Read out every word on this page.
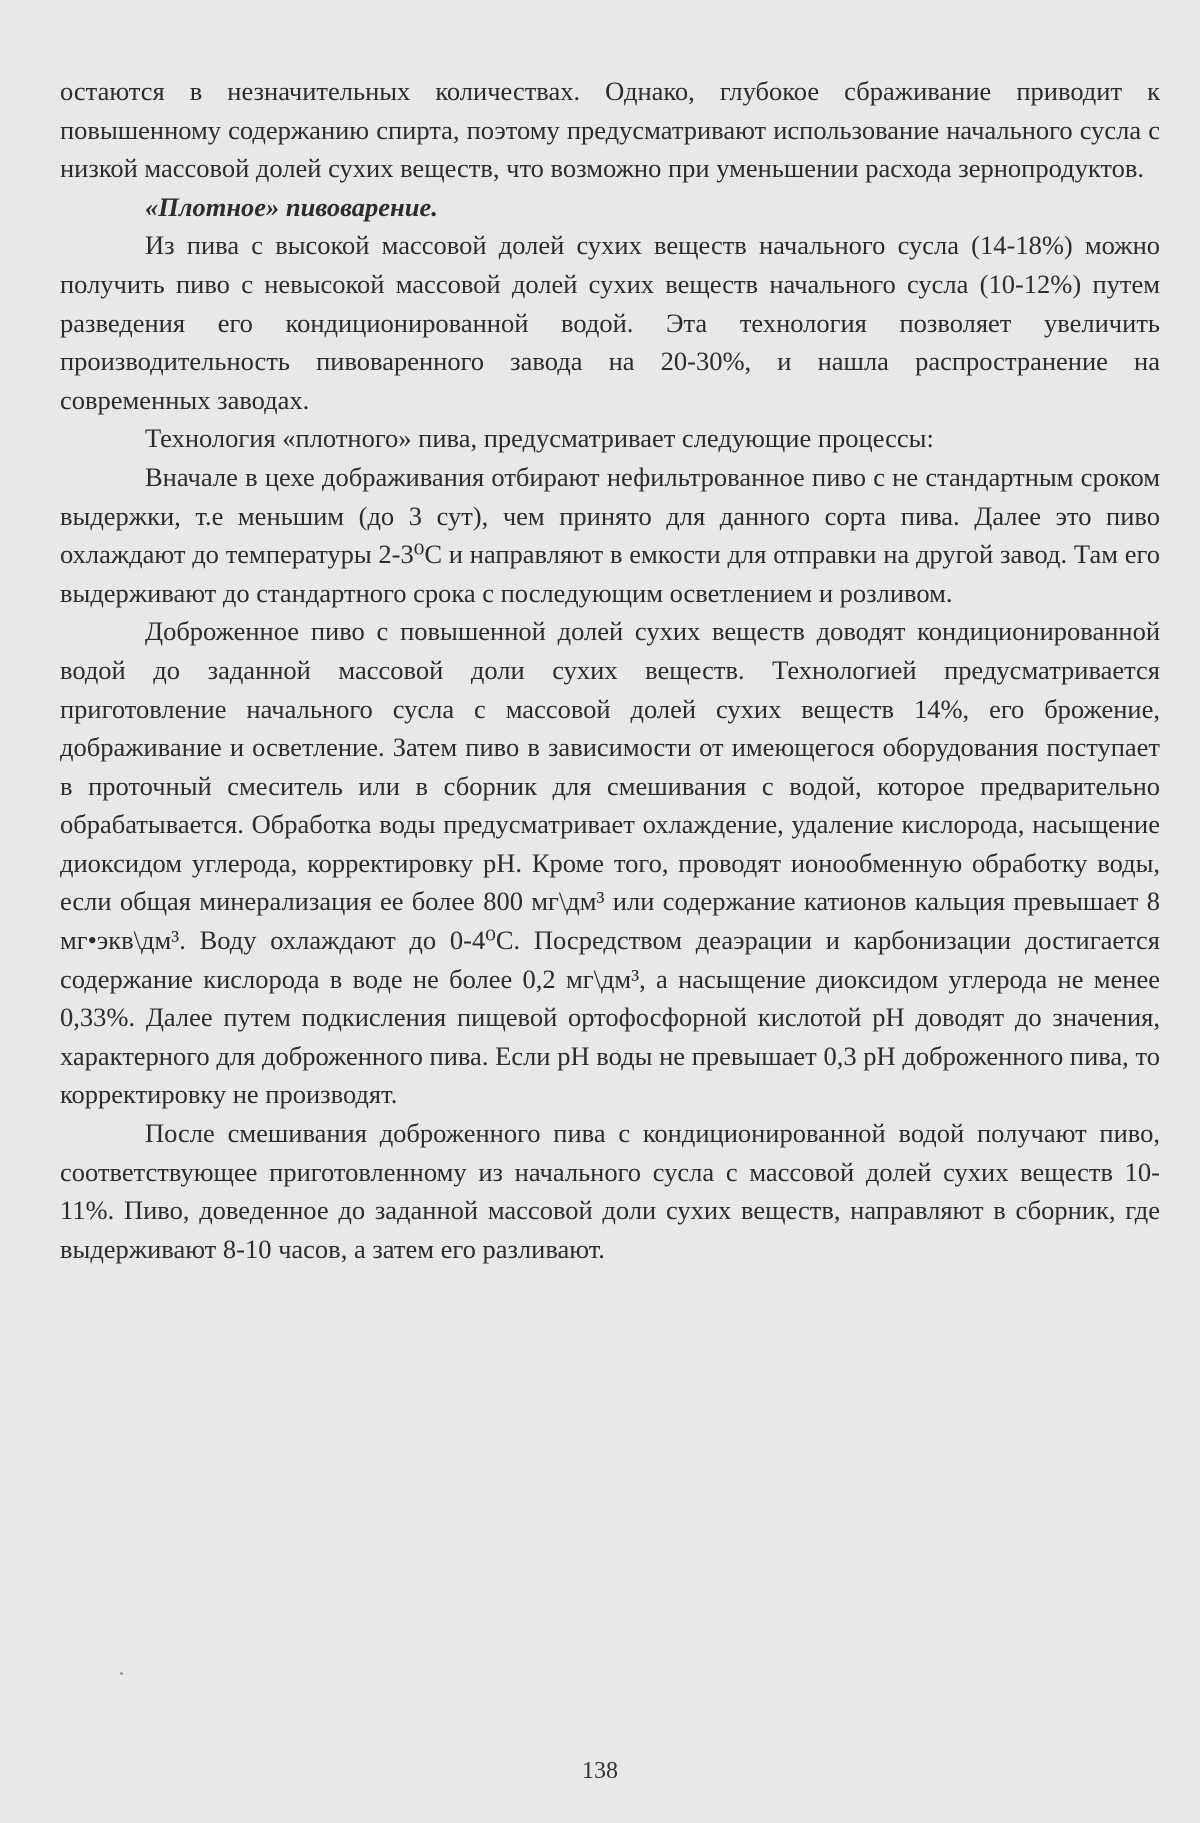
остаются в незначительных количествах. Однако, глубокое сбраживание приводит к повышенному содержанию спирта, поэтому предусматривают использование начального сусла с низкой массовой долей сухих веществ, что возможно при уменьшении расхода зернопродуктов.

«Плотное» пивоварение.

Из пива с высокой массовой долей сухих веществ начального сусла (14-18%) можно получить пиво с невысокой массовой долей сухих веществ начального сусла (10-12%) путем разведения его кондиционированной водой. Эта технология позволяет увеличить производительность пивоваренного завода на 20-30%, и нашла распространение на современных заводах.

Технология «плотного» пива, предусматривает следующие процессы:

Вначале в цехе дображивания отбирают нефильтрованное пиво с не стандартным сроком выдержки, т.е меньшим (до 3 сут), чем принято для данного сорта пива. Далее это пиво охлаждают до температуры 2-3⁰С и направляют в емкости для отправки на другой завод. Там его выдерживают до стандартного срока с последующим осветлением и розливом.

Доброженное пиво с повышенной долей сухих веществ доводят кондиционированной водой до заданной массовой доли сухих веществ. Технологией предусматривается приготовление начального сусла с массовой долей сухих веществ 14%, его брожение, дображивание и осветление. Затем пиво в зависимости от имеющегося оборудования поступает в проточный смеситель или в сборник для смешивания с водой, которое предварительно обрабатывается. Обработка воды предусматривает охлаждение, удаление кислорода, насыщение диоксидом углерода, корректировку рН. Кроме того, проводят ионообменную обработку воды, если общая минерализация ее более 800 мг\дм³ или содержание катионов кальция превышает 8 мг•экв\дм³. Воду охлаждают до 0-4⁰С. Посредством деаэрации и карбонизации достигается содержание кислорода в воде не более 0,2 мг\дм³, а насыщение диоксидом углерода не менее 0,33%. Далее путем подкисления пищевой ортофосфорной кислотой рН доводят до значения, характерного для доброженного пива. Если рН воды не превышает 0,3 рН доброженного пива, то корректировку не производят.

После смешивания доброженного пива с кондиционированной водой получают пиво, соответствующее приготовленному из начального сусла с массовой долей сухих веществ 10-11%. Пиво, доведенное до заданной массовой доли сухих веществ, направляют в сборник, где выдерживают 8-10 часов, а затем его разливают.

138
